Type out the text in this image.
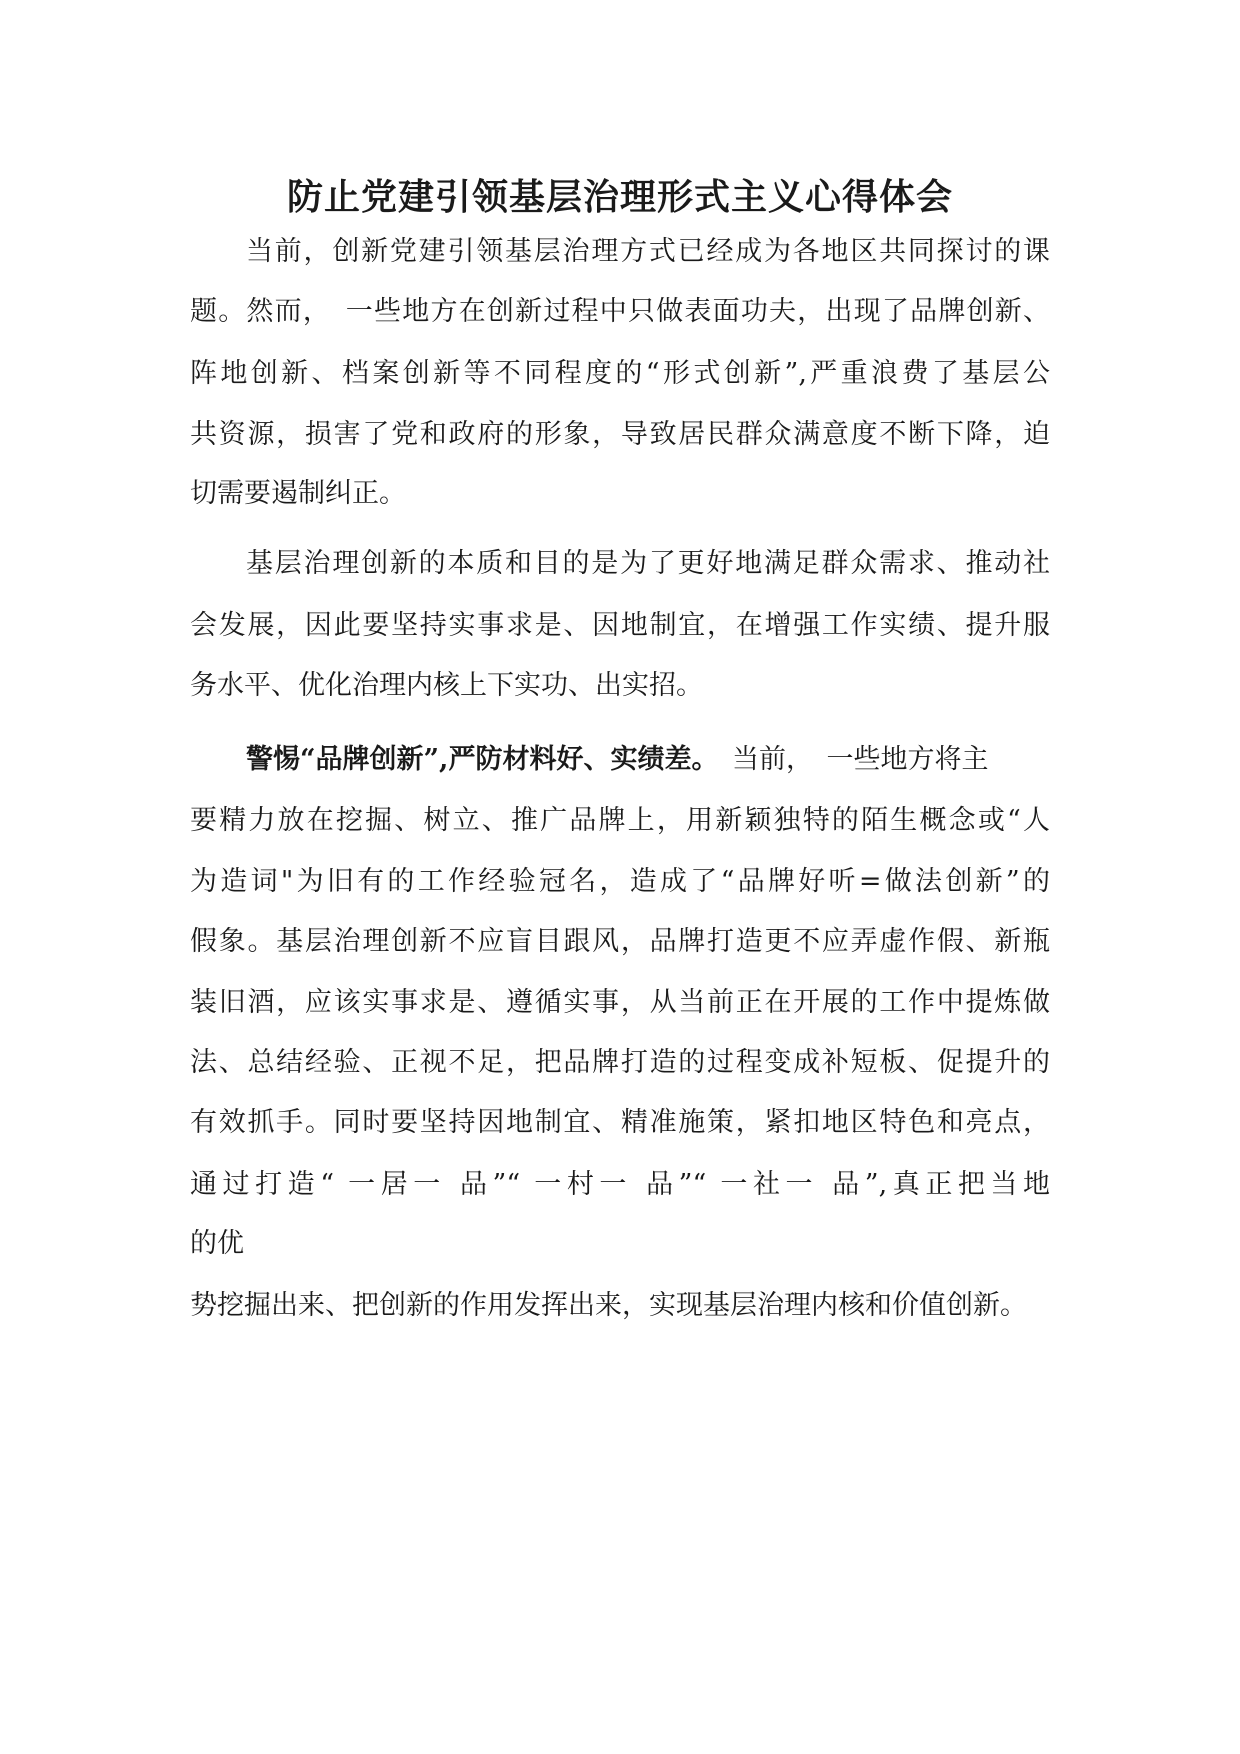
防止党建引领基层治理形式主义心得体会

当前，创新党建引领基层治理方式已经成为各地区共同探讨的课

题。然而，　一些地方在创新过程中只做表面功夫，出现了品牌创新、

阵地创新、档案创新等不同程度的“形式创新”,严重浪费了基层公

共资源，损害了党和政府的形象，导致居民群众满意度不断下降，迫

切需要遏制纠正。

基层治理创新的本质和目的是为了更好地满足群众需求、推动社

会发展，因此要坚持实事求是、因地制宜，在增强工作实绩、提升服

务水平、优化治理内核上下实功、出实招。

警惕“品牌创新”,严防材料好、实绩差。　当前，　一些地方将主

要精力放在挖掘、树立、推广品牌上，用新颖独特的陌生概念或“人

为造词"为旧有的工作经验冠名，造成了“品牌好听=做法创新”的

假象。基层治理创新不应盲目跟风，品牌打造更不应弄虚作假、新瓶

装旧酒，应该实事求是、遵循实事，从当前正在开展的工作中提炼做

法、总结经验、正视不足，把品牌打造的过程变成补短板、促提升的

有效抓手。同时要坚持因地制宜、精准施策，紧扣地区特色和亮点，

通过打造“ 一居一 品”“ 一村一 品”“ 一社一 品”,真正把当地

的优

势挖掘出来、把创新的作用发挥出来，实现基层治理内核和价值创新。
